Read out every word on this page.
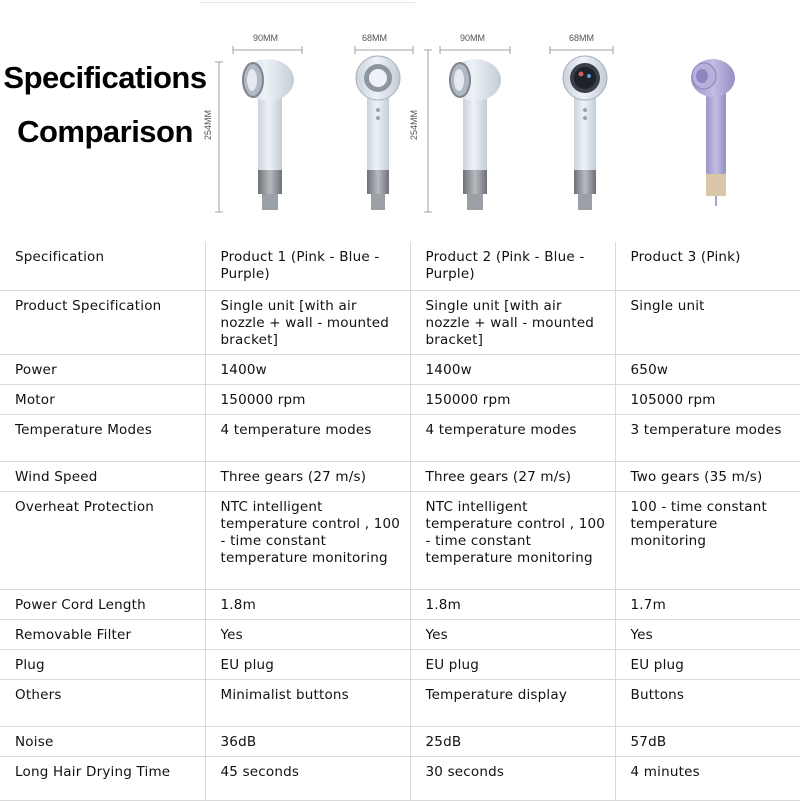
Specifications
Comparison
90MM	68MM	90MM	68MM
254MM	254MM
Specification	Product 1 (Pink - Blue - Purple)	Product 2 (Pink - Blue - Purple)	Product 3 (Pink)
Product Specification	Single unit [with air nozzle + wall - mounted bracket]	Single unit [with air nozzle + wall - mounted bracket]	Single unit
Power	1400w	1400w	650w
Motor	150000 rpm	150000 rpm	105000 rpm
Temperature Modes	4 temperature modes	4 temperature modes	3 temperature modes
Wind Speed	Three gears (27 m/s)	Three gears (27 m/s)	Two gears (35 m/s)
Overheat Protection	NTC intelligent temperature control , 100 - time constant temperature monitoring	NTC intelligent temperature control , 100 - time constant temperature monitoring	100 - time constant temperature monitoring
Power Cord Length	1.8m	1.8m	1.7m
Removable Filter	Yes	Yes	Yes
Plug	EU plug	EU plug	EU plug
Others	Minimalist buttons	Temperature display	Buttons
Noise	36dB	25dB	57dB
Long Hair Drying Time	45 seconds	30 seconds	4 minutes
